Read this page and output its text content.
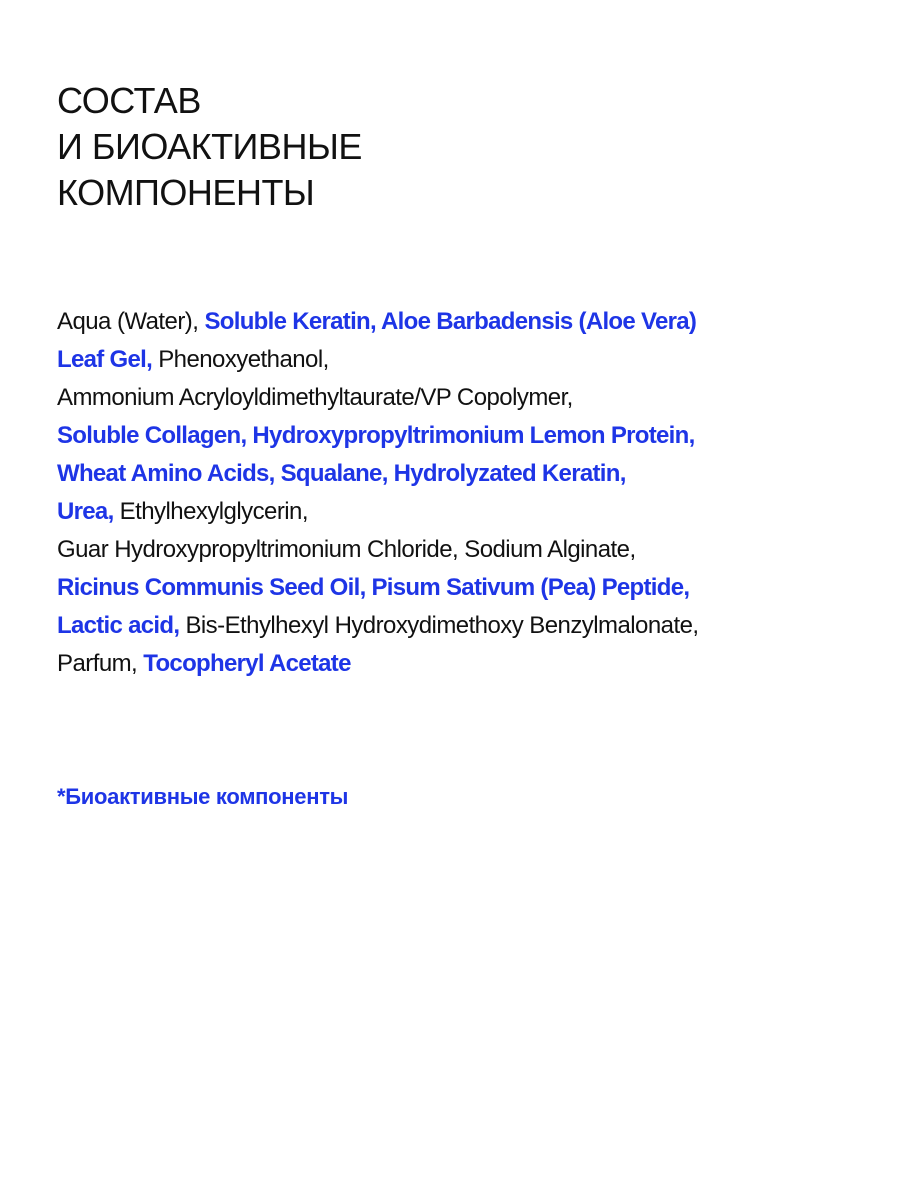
СОСТАВ
И БИОАКТИВНЫЕ
КОМПОНЕНТЫ

Aqua (Water), Soluble Keratin, Aloe Barbadensis (Aloe Vera)
Leaf Gel, Phenoxyethanol,
Ammonium Acryloyldimethyltaurate/VP Copolymer,
Soluble Collagen, Hydroxypropyltrimonium Lemon Protein,
Wheat Amino Acids, Squalane, Hydrolyzated Keratin,
Urea, Ethylhexylglycerin,
Guar Hydroxypropyltrimonium Chloride, Sodium Alginate,
Ricinus Communis Seed Oil, Pisum Sativum (Pea) Peptide,
Lactic acid, Bis-Ethylhexyl Hydroxydimethoxy Benzylmalonate,
Parfum, Tocopheryl Acetate

*Биоактивные компоненты
